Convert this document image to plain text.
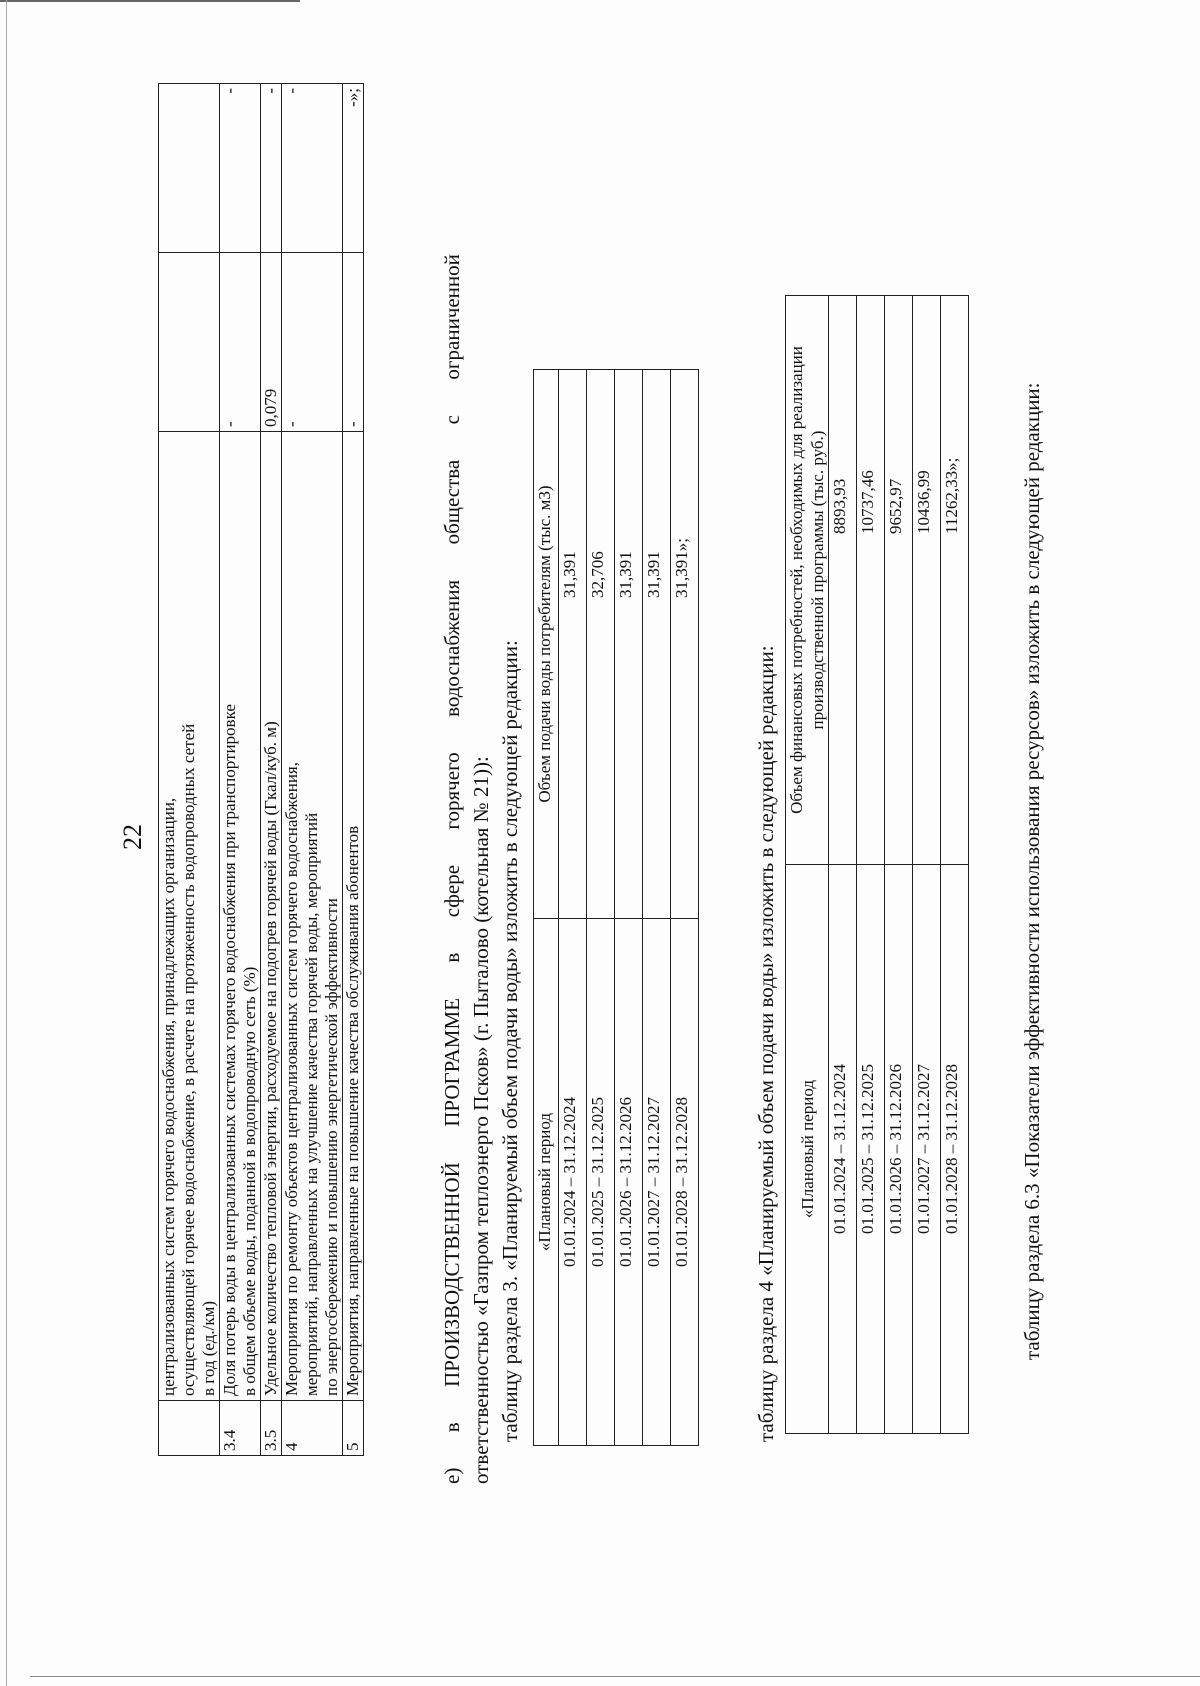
22

	централизованных систем горячего водоснабжения, принадлежащих организации, осуществляющей горячее водоснабжение, в расчете на протяженность водопроводных сетей в год (ед./км)		

3.4	Доля потерь воды в централизованных системах горячего водоснабжения при транспортировке в общем объеме воды, поданной в водопроводную сеть (%)	-	-
3.5	Удельное количество тепловой энергии, расходуемое на подогрев горячей воды (Гкал/куб. м)	0,079	-
4	Мероприятия по ремонту объектов централизованных систем горячего водоснабжения, мероприятий, направленных на улучшение качества горячей воды, мероприятий по энергосбережению и повышению энергетической эффективности	-	-
5	Мероприятия, направленные на повышение качества обслуживания абонентов	-	-»;
е)
в
ПРОИЗВОДСТВЕННОЙ
ПРОГРАММЕ
в
сфере
горячего
водоснабжения
общества
с
ограниченной
ответственностью «Газпром теплоэнерго Псков» (г. Пыталово (котельная № 21)): таблицу раздела 3. «Планируемый объем подачи воды» изложить в следующей редакции: «Плановый период	Объем подачи воды потребителям (тыс. м3)
01.01.2024 – 31.12.2024	31,391
01.01.2025 – 31.12.2025	32,706
01.01.2026 – 31.12.2026	31,391
01.01.2027 – 31.12.2027	31,391
01.01.2028 – 31.12.2028	31,391»;
таблицу раздела 4 «Планируемый объем подачи воды» изложить в следующей редакции: «Плановый период	Объем финансовых потребностей, необходимых для реализации производственной программы (тыс. руб.)

01.01.2024 – 31.12.2024	8893,93
01.01.2025 – 31.12.2025	10737,46
01.01.2026 – 31.12.2026	9652,97
01.01.2027 – 31.12.2027	10436,99
01.01.2028 – 31.12.2028	11262,33»;	таблицу раздела 6.3 «Показатели эффективности использования ресурсов» изложить в следующей редакции:
